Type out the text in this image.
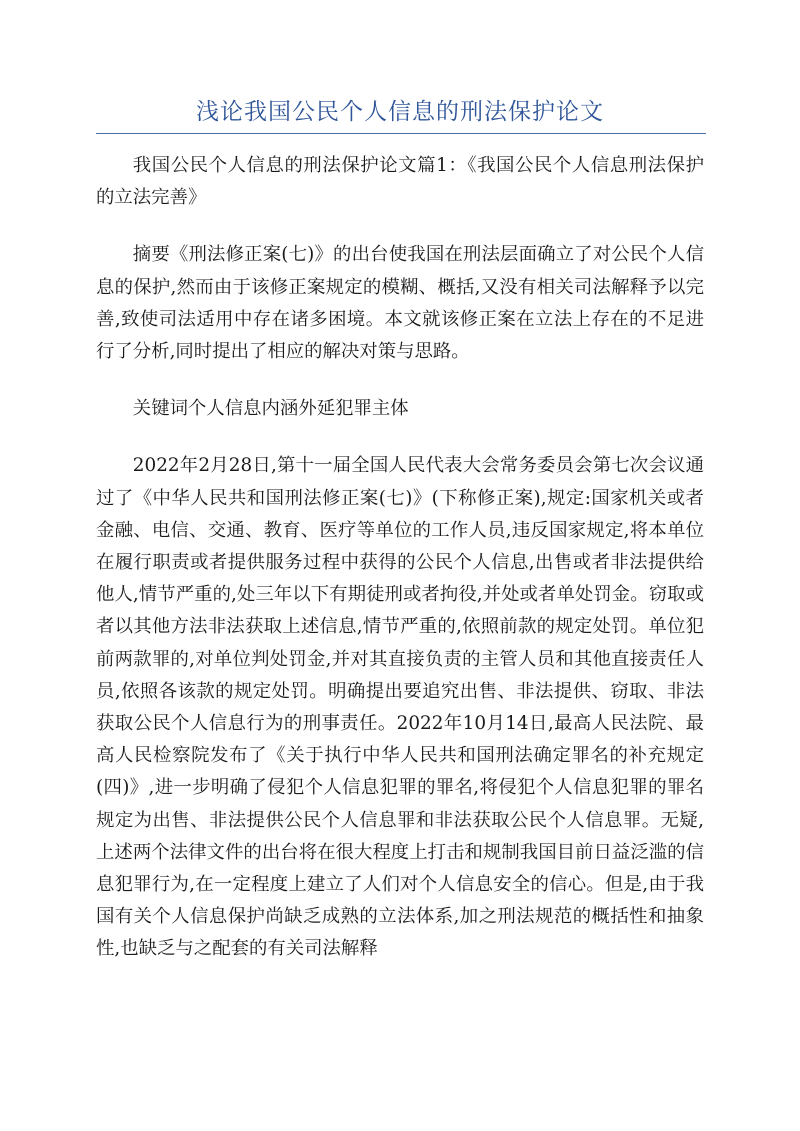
浅论我国公民个人信息的刑法保护论文

我国公民个人信息的刑法保护论文篇1：《我国公民个人信息刑法保护的立法完善》

摘要《刑法修正案(七)》的出台使我国在刑法层面确立了对公民个人信息的保护,然而由于该修正案规定的模糊、概括,又没有相关司法解释予以完善,致使司法适用中存在诸多困境。本文就该修正案在立法上存在的不足进行了分析,同时提出了相应的解决对策与思路。

关键词个人信息内涵外延犯罪主体

2022年2月28日,第十一届全国人民代表大会常务委员会第七次会议通过了《中华人民共和国刑法修正案(七)》(下称修正案),规定:国家机关或者金融、电信、交通、教育、医疗等单位的工作人员,违反国家规定,将本单位在履行职责或者提供服务过程中获得的公民个人信息,出售或者非法提供给他人,情节严重的,处三年以下有期徒刑或者拘役,并处或者单处罚金。窃取或者以其他方法非法获取上述信息,情节严重的,依照前款的规定处罚。单位犯前两款罪的,对单位判处罚金,并对其直接负责的主管人员和其他直接责任人员,依照各该款的规定处罚。明确提出要追究出售、非法提供、窃取、非法获取公民个人信息行为的刑事责任。2022年10月14日,最高人民法院、最高人民检察院发布了《关于执行中华人民共和国刑法确定罪名的补充规定(四)》,进一步明确了侵犯个人信息犯罪的罪名,将侵犯个人信息犯罪的罪名规定为出售、非法提供公民个人信息罪和非法获取公民个人信息罪。无疑,上述两个法律文件的出台将在很大程度上打击和规制我国目前日益泛滥的信息犯罪行为,在一定程度上建立了人们对个人信息安全的信心。但是,由于我国有关个人信息保护尚缺乏成熟的立法体系,加之刑法规范的概括性和抽象性,也缺乏与之配套的有关司法解释
